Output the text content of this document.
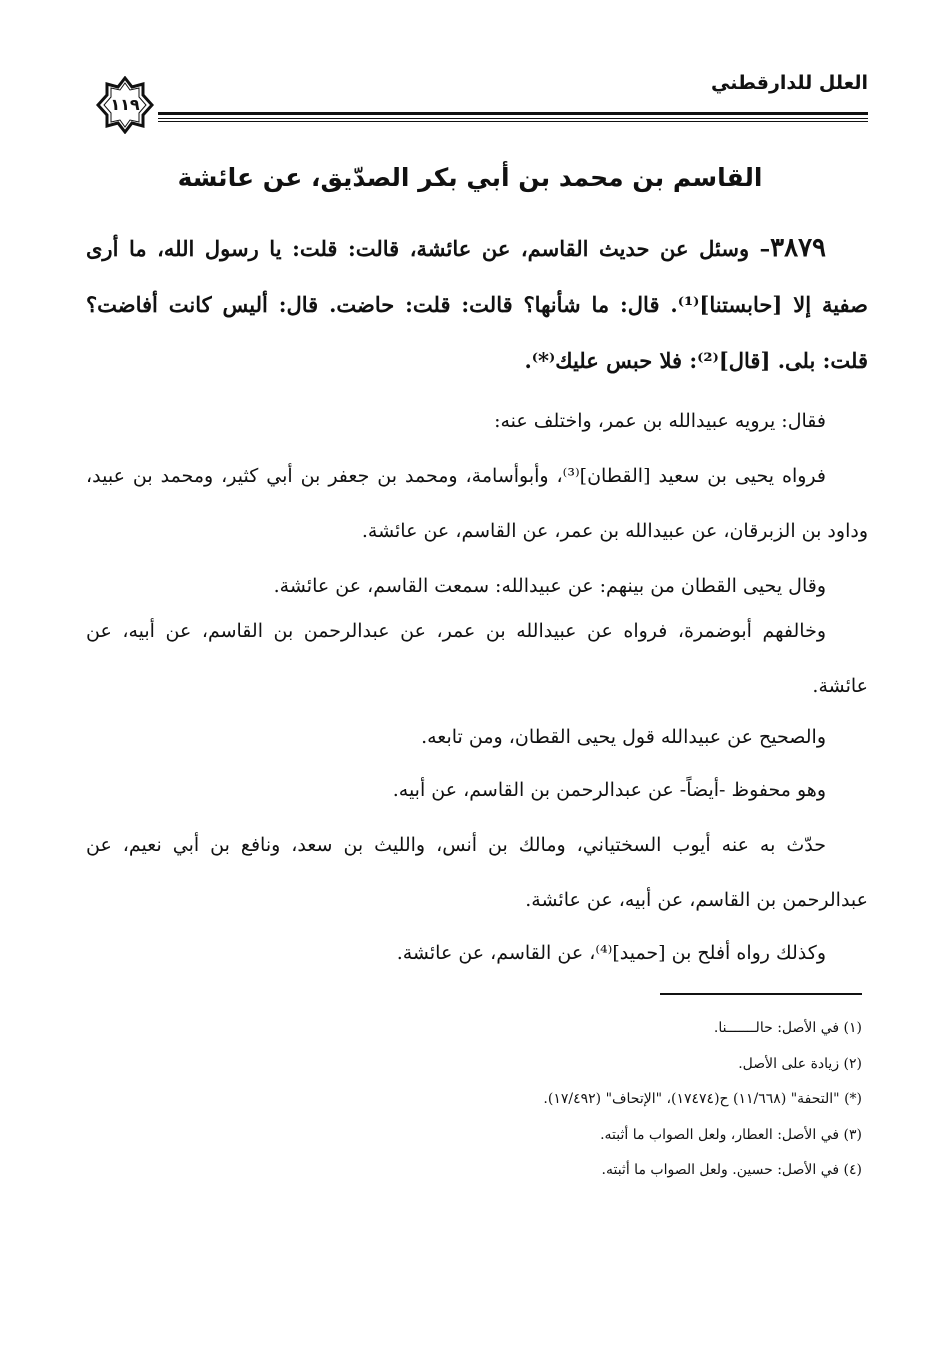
العلل للدارقطني
١١٩
القاسم بن محمد بن أبي بكر الصدّيق، عن عائشة
٣٨٧٩– وسئل عن حديث القاسم، عن عائشة، قالت: قلت: يا رسول الله، ما أرى صفية إلا [حابستنا]⁽¹⁾. قال: ما شأنها؟ قالت: قلت: حاضت. قال: أليس كانت أفاضت؟ قلت: بلى. [قال]⁽²⁾: فلا حبس عليك⁽*⁾.
فقال: يرويه عبيدالله بن عمر، واختلف عنه:
فرواه يحيى بن سعيد [القطان]⁽³⁾، وأبوأسامة، ومحمد بن جعفر بن أبي كثير، ومحمد بن عبيد، وداود بن الزبرقان، عن عبيدالله بن عمر، عن القاسم، عن عائشة.
وقال يحيى القطان من بينهم: عن عبيدالله: سمعت القاسم، عن عائشة.
وخالفهم أبوضمرة، فرواه عن عبيدالله بن عمر، عن عبدالرحمن بن القاسم، عن أبيه، عن عائشة.
والصحيح عن عبيدالله قول يحيى القطان، ومن تابعه.
وهو محفوظ -أيضاً- عن عبدالرحمن بن القاسم، عن أبيه.
حدّث به عنه أيوب السختياني، ومالك بن أنس، والليث بن سعد، ونافع بن أبي نعيم، عن عبدالرحمن بن القاسم، عن أبيه، عن عائشة.
وكذلك رواه أفلح بن [حميد]⁽⁴⁾، عن القاسم، عن عائشة.
(١) في الأصل: حالـــــــنا.
(٢) زيادة على الأصل.
(*) "التحفة" (١١/٦٦٨) ح(١٧٤٧٤)، "الإتحاف" (١٧/٤٩٢).
(٣) في الأصل: العطار، ولعل الصواب ما أثبته.
(٤) في الأصل: حسين. ولعل الصواب ما أثبته.
